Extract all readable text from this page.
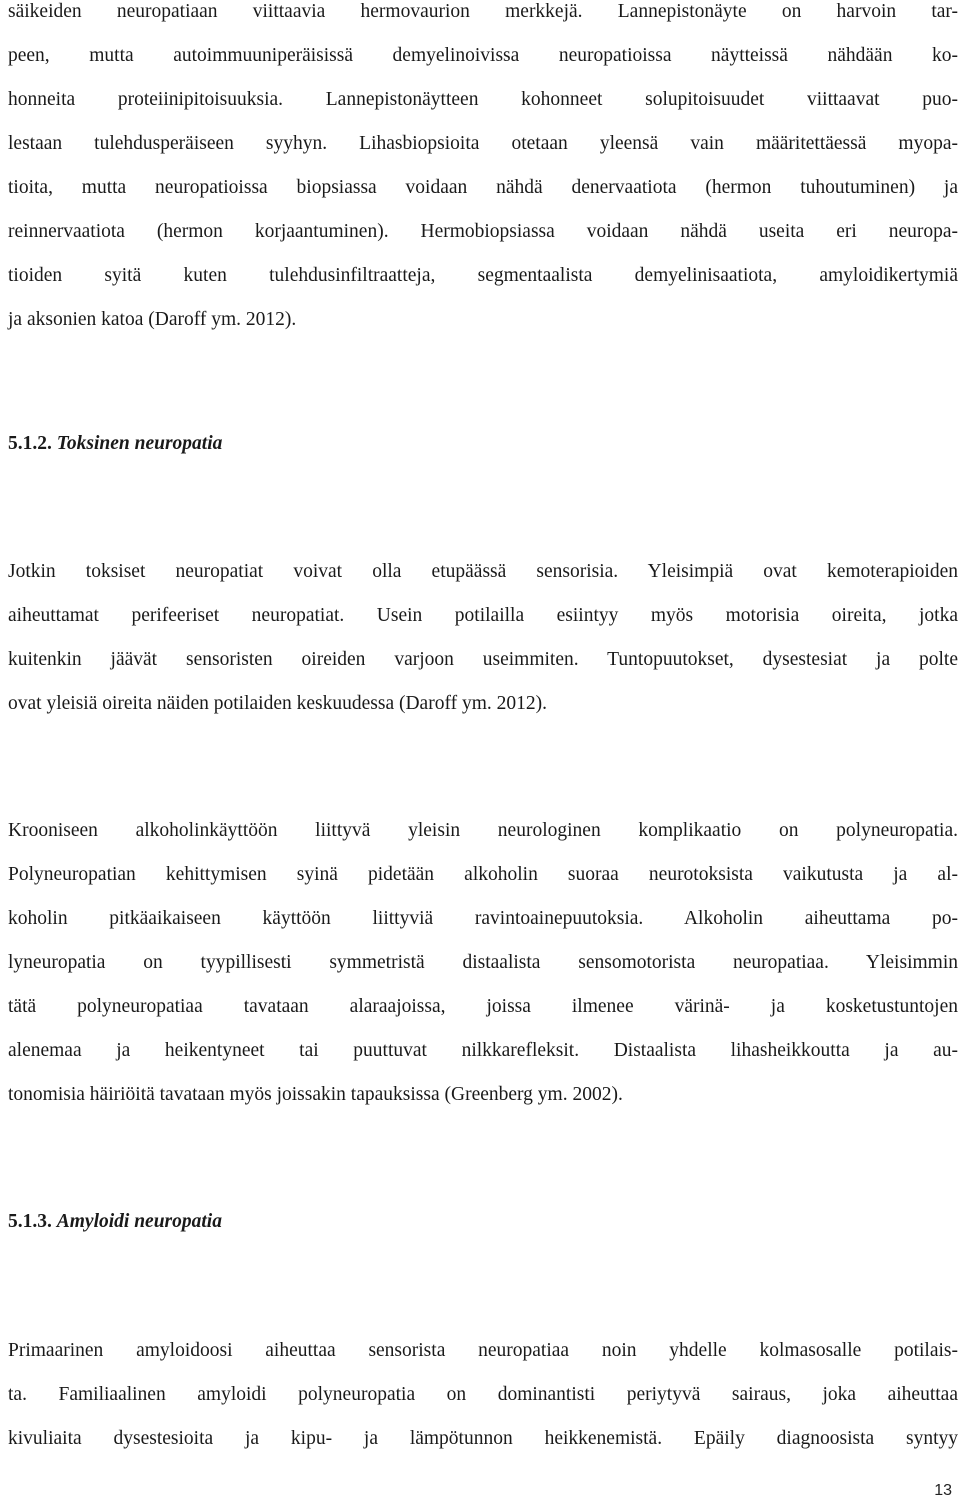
säikeiden neuropatiaan viittaavia hermovaurion merkkejä. Lannepistonäyte on harvoin tar-
peen, mutta autoimmuuniperäisissä demyelinoivissa neuropatioissa näytteissä nähdään ko-
honneita proteiinipitoisuuksia. Lannepistonäytteen kohonneet solupitoisuudet viittaavat puo-
lestaan tulehdusperäiseen syyhyn. Lihasbiopsioita otetaan yleensä vain määritettäessä myopa-
tioita, mutta neuropatioissa biopsiassa voidaan nähdä denervaatiota (hermon tuhoutuminen) ja
reinnervaatiota (hermon korjaantuminen). Hermobiopsiassa voidaan nähdä useita eri neuropa-
tioiden syitä kuten tulehdusinfiltraatteja, segmentaalista demyelinisaatiota, amyloidikertymiä
ja aksonien katoa (Daroff ym. 2012).

5.1.2. Toksinen neuropatia

Jotkin toksiset neuropatiat voivat olla etupäässä sensorisia. Yleisimpiä ovat kemoterapioiden
aiheuttamat perifeeriset neuropatiat. Usein potilailla esiintyy myös motorisia oireita, jotka
kuitenkin jäävät sensoristen oireiden varjoon useimmiten. Tuntopuutokset, dysestesiat ja polte
ovat yleisiä oireita näiden potilaiden keskuudessa (Daroff ym. 2012).

Krooniseen alkoholinkäyttöön liittyvä yleisin neurologinen komplikaatio on polyneuropatia.
Polyneuropatian kehittymisen syinä pidetään alkoholin suoraa neurotoksista vaikutusta ja al-
koholin pitkäaikaiseen käyttöön liittyviä ravintoainepuutoksia. Alkoholin aiheuttama po-
lyneuropatia on tyypillisesti symmetristä distaalista sensomotorista neuropatiaa. Yleisimmin
tätä polyneuropatiaa tavataan alaraajoissa, joissa ilmenee värinä- ja kosketustuntojen
alenemaa ja heikentyneet tai puuttuvat nilkkarefleksit. Distaalista lihasheikkoutta ja au-
tonomisia häiriöitä tavataan myös joissakin tapauksissa (Greenberg ym. 2002).

5.1.3. Amyloidi neuropatia

Primaarinen amyloidoosi aiheuttaa sensorista neuropatiaa noin yhdelle kolmasosalle potilais-
ta. Familiaalinen amyloidi polyneuropatia on dominantisti periytyvä sairaus, joka aiheuttaa
kivuliaita dysestesioita ja kipu- ja lämpötunnon heikkenemistä. Epäily diagnoosista syntyy

13
